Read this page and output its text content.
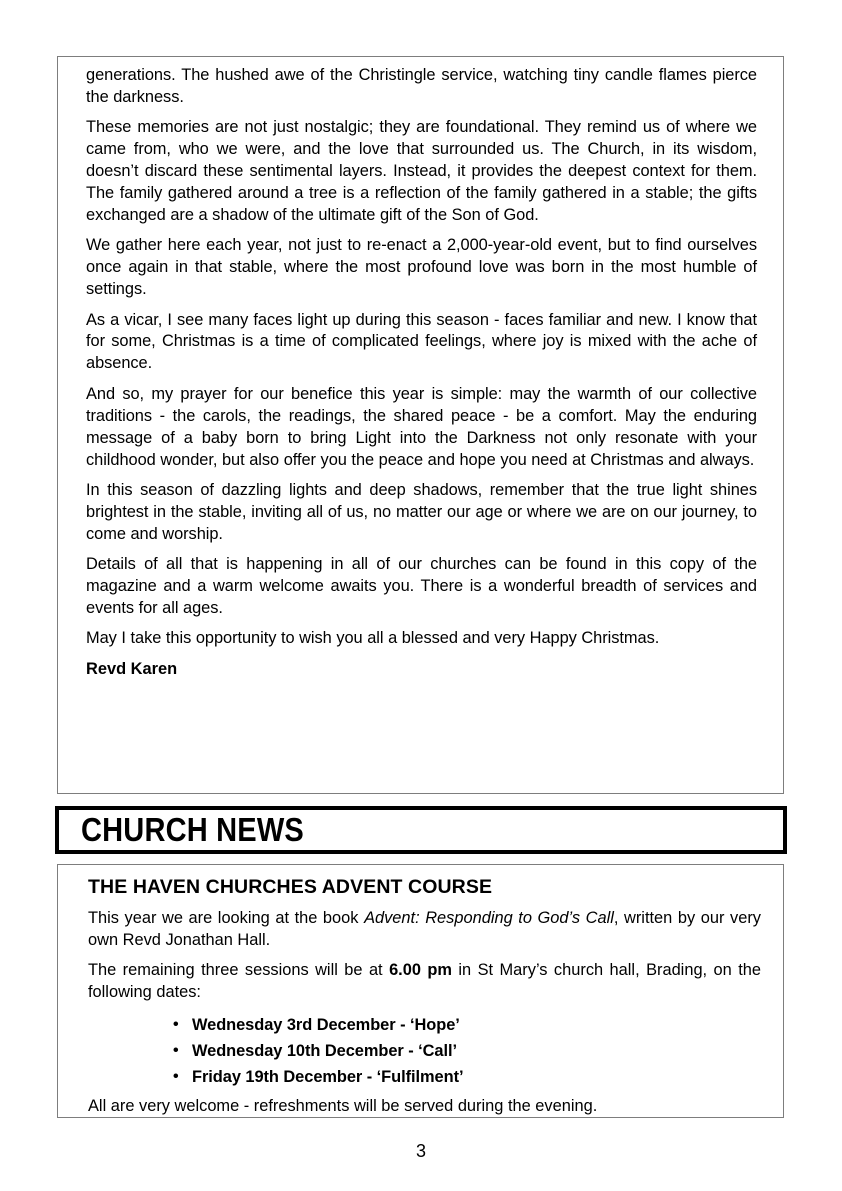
generations. The hushed awe of the Christingle service, watching tiny candle flames pierce the darkness.

These memories are not just nostalgic; they are foundational. They remind us of where we came from, who we were, and the love that surrounded us. The Church, in its wisdom, doesn’t discard these sentimental layers. Instead, it provides the deepest context for them. The family gathered around a tree is a reflection of the family gathered in a stable; the gifts exchanged are a shadow of the ultimate gift of the Son of God.

We gather here each year, not just to re-enact a 2,000-year-old event, but to find ourselves once again in that stable, where the most profound love was born in the most humble of settings.

As a vicar, I see many faces light up during this season - faces familiar and new. I know that for some, Christmas is a time of complicated feelings, where joy is mixed with the ache of absence.

And so, my prayer for our benefice this year is simple: may the warmth of our collective traditions - the carols, the readings, the shared peace - be a comfort. May the enduring message of a baby born to bring Light into the Darkness not only resonate with your childhood wonder, but also offer you the peace and hope you need at Christmas and always.

In this season of dazzling lights and deep shadows, remember that the true light shines brightest in the stable, inviting all of us, no matter our age or where we are on our journey, to come and worship.

Details of all that is happening in all of our churches can be found in this copy of the magazine and a warm welcome awaits you. There is a wonderful breadth of services and events for all ages.

May I take this opportunity to wish you all a blessed and very Happy Christmas.

Revd Karen

CHURCH NEWS
THE HAVEN CHURCHES ADVENT COURSE

This year we are looking at the book Advent: Responding to God’s Call, written by our very own Revd Jonathan Hall.

The remaining three sessions will be at 6.00 pm in St Mary’s church hall, Brading, on the following dates:

• Wednesday 3rd December - ‘Hope’
• Wednesday 10th December - ‘Call’
• Friday 19th December - ‘Fulfilment’

All are very welcome - refreshments will be served during the evening.

3
